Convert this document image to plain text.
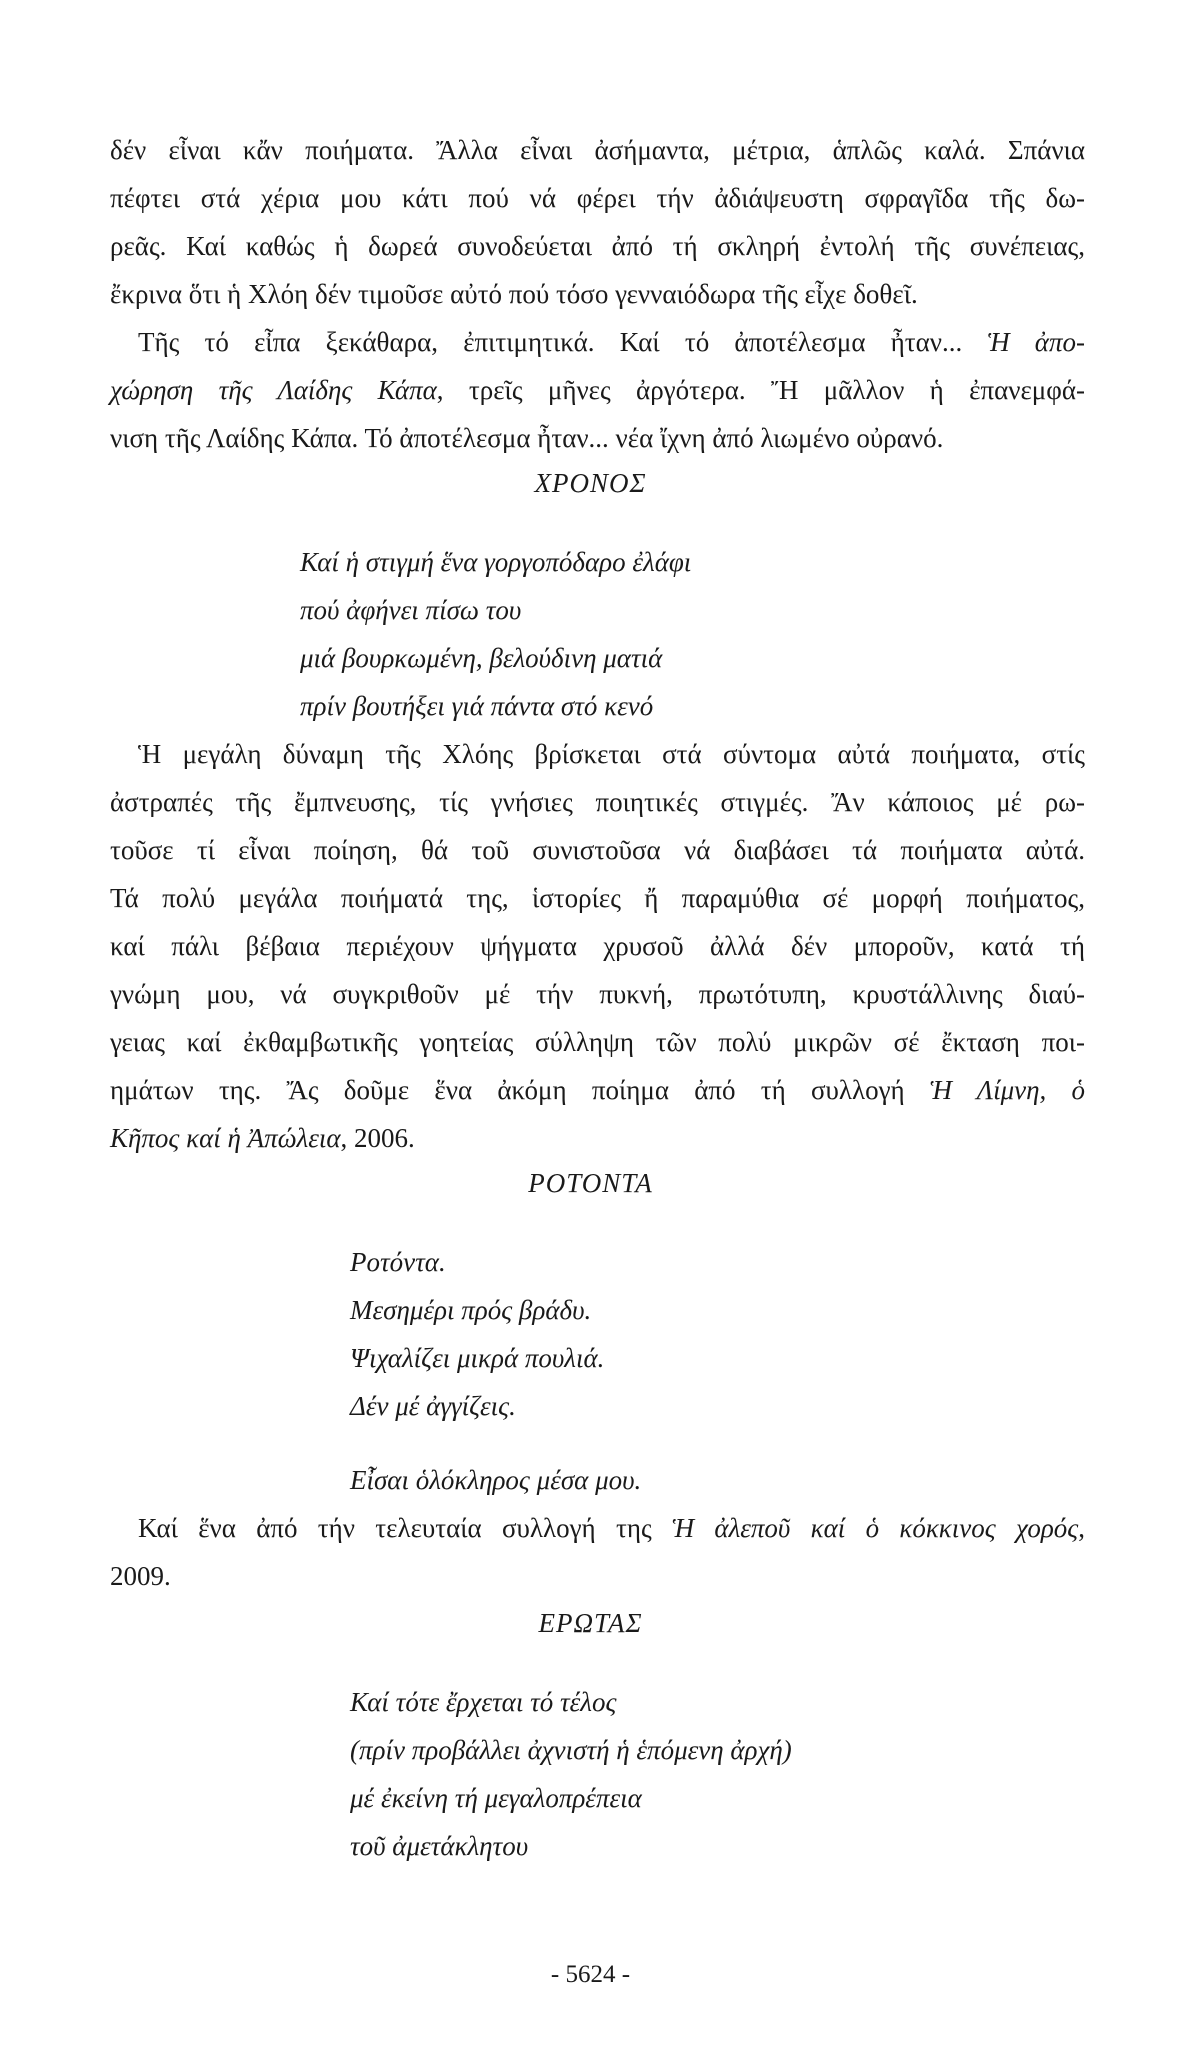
δέν εἶναι κἄν ποιήματα. Ἄλλα εἶναι ἀσήμαντα, μέτρια, ἁπλῶς καλά. Σπάνια
πέφτει στά χέρια μου κάτι πού νά φέρει τήν ἀδιάψευστη σφραγῖδα τῆς δω-
ρεᾶς. Καί καθώς ἡ δωρεά συνοδεύεται ἀπό τή σκληρή ἐντολή τῆς συνέπειας,
ἔκρινα ὅτι ἡ Χλόη δέν τιμοῦσε αὐτό πού τόσο γενναιόδωρα τῆς εἶχε δοθεῖ.
Τῆς τό εἶπα ξεκάθαρα, ἐπιτιμητικά. Καί τό ἀποτέλεσμα ἦταν... Ἡ ἀπο-
χώρηση τῆς Λαίδης Κάπα, τρεῖς μῆνες ἀργότερα. Ἤ μᾶλλον ἡ ἐπανεμφά-
νιση τῆς Λαίδης Κάπα. Τό ἀποτέλεσμα ἦταν... νέα ἴχνη ἀπό λιωμένο οὐρανό.
ΧΡΟΝΟΣ
Καί ἡ στιγμή ἕνα γοργοπόδαρο ἐλάφι
πού ἀφήνει πίσω του
μιά βουρκωμένη, βελούδινη ματιά
πρίν βουτήξει γιά πάντα στό κενό
Ἡ μεγάλη δύναμη τῆς Χλόης βρίσκεται στά σύντομα αὐτά ποιήματα, στίς
ἀστραπές τῆς ἔμπνευσης, τίς γνήσιες ποιητικές στιγμές. Ἄν κάποιος μέ ρω-
τοῦσε τί εἶναι ποίηση, θά τοῦ συνιστοῦσα νά διαβάσει τά ποιήματα αὐτά.
Τά πολύ μεγάλα ποιήματά της, ἱστορίες ἤ παραμύθια σέ μορφή ποιήματος,
καί πάλι βέβαια περιέχουν ψήγματα χρυσοῦ ἀλλά δέν μποροῦν, κατά τή
γνώμη μου, νά συγκριθοῦν μέ τήν πυκνή, πρωτότυπη, κρυστάλλινης διαύ-
γειας καί ἐκθαμβωτικῆς γοητείας σύλληψη τῶν πολύ μικρῶν σέ ἔκταση ποι-
ημάτων της. Ἄς δοῦμε ἕνα ἀκόμη ποίημα ἀπό τή συλλογή Ἡ Λίμνη, ὁ
Κῆπος καί ἡ Ἀπώλεια, 2006.
ΡΟΤΟΝΤΑ
Ροτόντα.
Μεσημέρι πρός βράδυ.
Ψιχαλίζει μικρά πουλιά.
Δέν μέ ἀγγίζεις.
Εἶσαι ὁλόκληρος μέσα μου.
Καί ἕνα ἀπό τήν τελευταία συλλογή της Ἡ ἀλεποῦ καί ὁ κόκκινος χορός,
2009.
ΕΡΩΤΑΣ
Καί τότε ἔρχεται τό τέλος
(πρίν προβάλλει ἀχνιστή ἡ ἑπόμενη ἀρχή)
μέ ἐκείνη τή μεγαλοπρέπεια
τοῦ ἀμετάκλητου
- 5624 -
